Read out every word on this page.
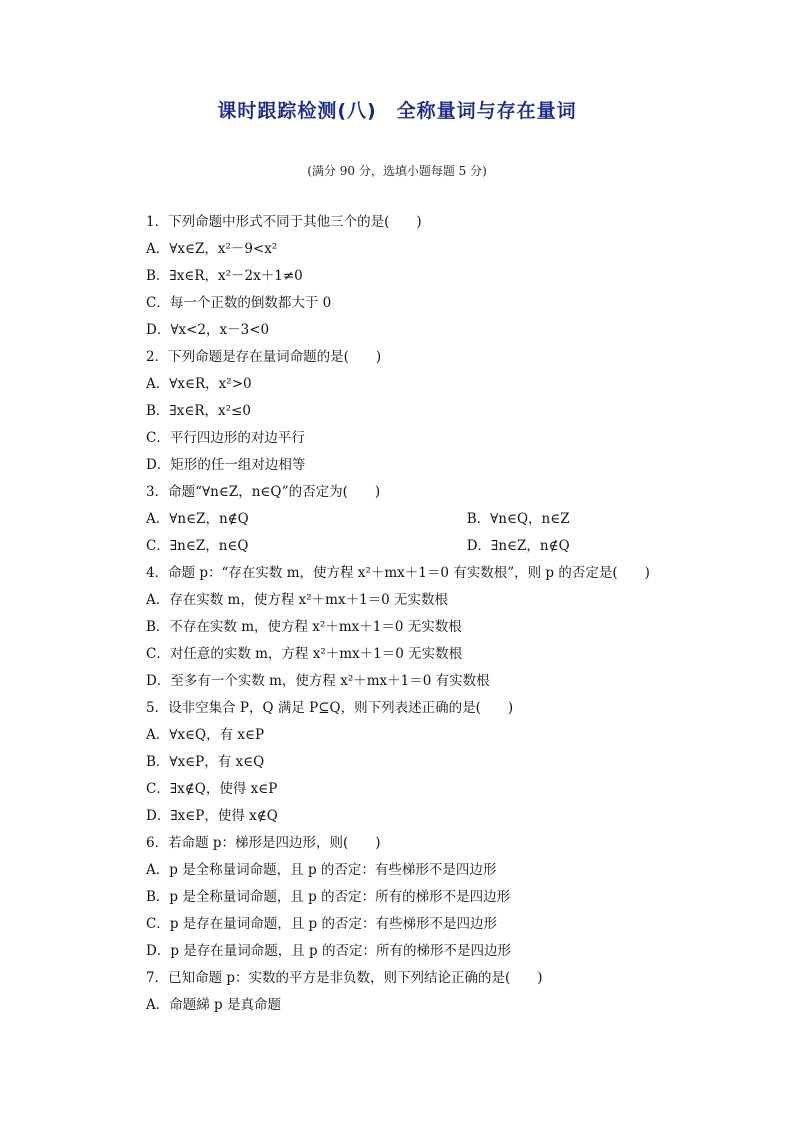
课时跟踪检测(八)　全称量词与存在量词
(满分 90 分，选填小题每题 5 分)
1．下列命题中形式不同于其他三个的是(　　)
A．∀x∈Z，x²－9<x²
B．∃x∈R，x²－2x＋1≠0
C．每一个正数的倒数都大于 0
D．∀x<2，x－3<0
2．下列命题是存在量词命题的是(　　)
A．∀x∈R，x²>0
B．∃x∈R，x²≤0
C．平行四边形的对边平行
D．矩形的任一组对边相等
3．命题“∀n∈Z，n∈Q”的否定为(　　)
A．∀n∈Z，n∉Q	B．∀n∈Q，n∈Z
C．∃n∈Z，n∈Q	D．∃n∈Z，n∉Q
4．命题 p：“存在实数 m，使方程 x²＋mx＋1＝0 有实数根”，则 p 的否定是(　　)
A．存在实数 m，使方程 x²＋mx＋1＝0 无实数根
B．不存在实数 m，使方程 x²＋mx＋1＝0 无实数根
C．对任意的实数 m，方程 x²＋mx＋1＝0 无实数根
D．至多有一个实数 m，使方程 x²＋mx＋1＝0 有实数根
5．设非空集合 P，Q 满足 P⊆Q，则下列表述正确的是(　　)
A．∀x∈Q，有 x∈P
B．∀x∈P，有 x∈Q
C．∃x∉Q，使得 x∈P
D．∃x∈P，使得 x∉Q
6．若命题 p：梯形是四边形，则(　　)
A．p 是全称量词命题，且 p 的否定：有些梯形不是四边形
B．p 是全称量词命题，且 p 的否定：所有的梯形不是四边形
C．p 是存在量词命题，且 p 的否定：有些梯形不是四边形
D．p 是存在量词命题，且 p 的否定：所有的梯形不是四边形
7．已知命题 p：实数的平方是非负数，则下列结论正确的是(　　)
A．命题綈 p 是真命题
